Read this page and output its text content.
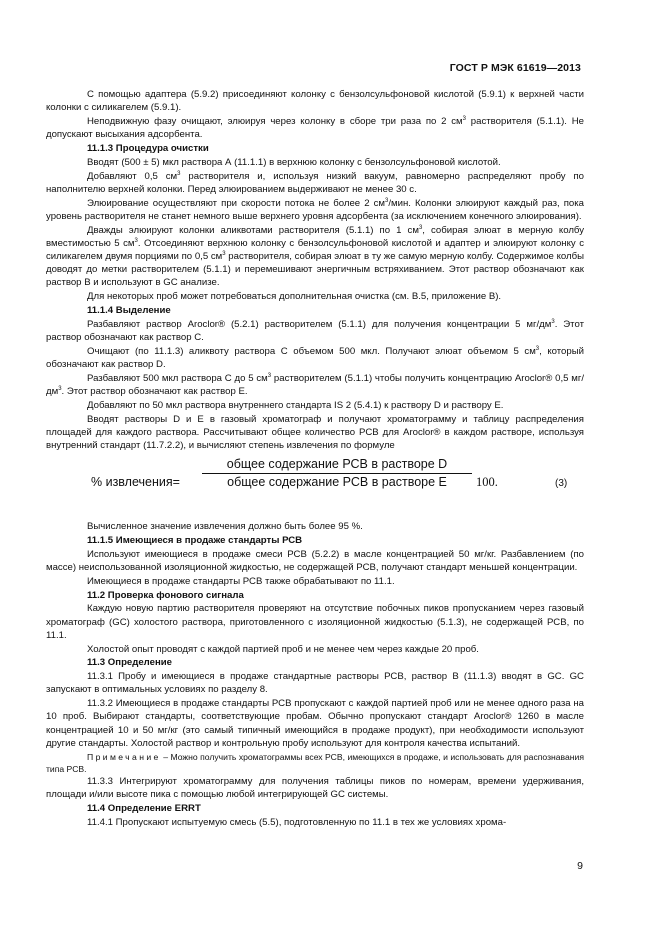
ГОСТ Р МЭК 61619—2013

С помощью адаптера (5.9.2) присоединяют колонку с бензолсульфоновой кислотой (5.9.1) к верхней части колонки с силикагелем (5.9.1).

Неподвижную фазу очищают, элюируя через колонку в сборе три раза по 2 $см^3$ растворителя (5.1.1). Не допускают высыхания адсорбента.

11.1.3 Процедура очистки

Вводят (500 ± 5) мкл раствора А (11.1.1) в верхнюю колонку с бензолсульфоновой кислотой.

Добавляют 0,5 $см^3$ растворителя и, используя низкий вакуум, равномерно распределяют пробу по наполнителю верхней колонки. Перед элюированием выдерживают не менее 30 с.

Элюирование осуществляют при скорости потока не более 2 $см^3$/мин. Колонки элюируют каждый раз, пока уровень растворителя не станет немного выше верхнего уровня адсорбента (за исключением конечного элюирования).

Дважды элюируют колонки аликвотами растворителя (5.1.1) по 1 $см^3$, собирая элюат в мерную колбу вместимостью 5 $см^3$. Отсоединяют верхнюю колонку с бензолсульфоновой кислотой и адаптер и элюируют колонку с силикагелем двумя порциями по 0,5 $см^3$ растворителя, собирая элюат в ту же самую мерную колбу. Содержимое колбы доводят до метки растворителем (5.1.1) и перемешивают энергичным встряхиванием. Этот раствор обозначают как раствор В и используют в GC анализе.

Для некоторых проб может потребоваться дополнительная очистка (см. В.5, приложение В).

11.1.4 Выделение

Разбавляют раствор Aroclor® (5.2.1) растворителем (5.1.1) для получения концентрации 5 $мг/дм^3$. Этот раствор обозначают как раствор С.

Очищают (по 11.1.3) аликвоту раствора С объемом 500 мкл. Получают элюат объемом 5 $см^3$, который обозначают как раствор D.

Разбавляют 500 мкл раствора С до 5 $см^3$ растворителем (5.1.1) чтобы получить концентрацию Aroclor® 0,5 $мг/дм^3$. Этот раствор обозначают как раствор Е.

Добавляют по 50 мкл раствора внутреннего стандарта IS 2 (5.4.1) к раствору D и раствору Е.

Вводят растворы D и Е в газовый хроматограф и получают хроматограмму и таблицу распределения площадей для каждого раствора. Рассчитывают общее количество РСВ для Aroclor® в каждом растворе, используя внутренний стандарт (11.7.2.2), и вычисляют степень извлечения по формуле

% извлечения=
общее содержание РСВ в растворе D
общее содержание РСВ в растворе Е	100.	(3)

Вычисленное значение извлечения должно быть более 95 %.

11.1.5 Имеющиеся в продаже стандарты РСВ

Используют имеющиеся в продаже смеси РСВ (5.2.2) в масле концентрацией 50 мг/кг. Разбавлением (по массе) неиспользованной изоляционной жидкостью, не содержащей РСВ, получают стандарт меньшей концентрации.

Имеющиеся в продаже стандарты РСВ также обрабатывают по 11.1.

11.2 Проверка фонового сигнала

Каждую новую партию растворителя проверяют на отсутствие побочных пиков пропусканием через газовый хроматограф (GC) холостого раствора, приготовленного с изоляционной жидкостью (5.1.3), не содержащей РСВ, по 11.1.

Холостой опыт проводят с каждой партией проб и не менее чем через каждые 20 проб.

11.3 Определение

11.3.1 Пробу и имеющиеся в продаже стандартные растворы РСВ, раствор В (11.1.3) вводят в GC. GC запускают в оптимальных условиях по разделу 8.

11.3.2 Имеющиеся в продаже стандарты РСВ пропускают с каждой партией проб или не менее одного раза на 10 проб. Выбирают стандарты, соответствующие пробам. Обычно пропускают стандарт Aroclor® 1260 в масле концентрацией 10 и 50 мг/кг (это самый типичный имеющийся в продаже продукт), при необходимости используют другие стандарты. Холостой раствор и контрольную пробу используют для контроля качества испытаний.

Примечание – Можно получить хроматограммы всех РСВ, имеющихся в продаже, и использовать для распознавания типа РСВ.

11.3.3 Интегрируют хроматограмму для получения таблицы пиков по номерам, времени удерживания, площади и/или высоте пика с помощью любой интегрирующей GC системы.

11.4 Определение ERRT

11.4.1 Пропускают испытуемую смесь (5.5), подготовленную по 11.1 в тех же условиях хрома-

9
